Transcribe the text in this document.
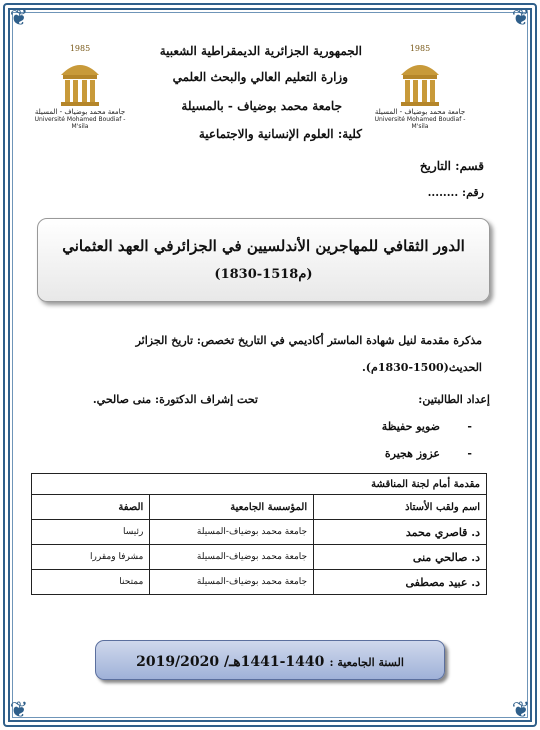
❦	❦
❦	❦
1985
جامعة محمد بوضياف - المسيلة
Université Mohamed Boudiaf - M'sila
1985
جامعة محمد بوضياف - المسيلة
Université Mohamed Boudiaf - M'sila
الجمهورية الجزائرية الديمقراطية الشعبية
وزارة التعليم العالي والبحث العلمي
جامعة محمد بوضياف - بالمسيلة
كلية: العلوم الإنسانية والاجتماعية
قسم: التاريخ
رقم: ........
الدور الثقافي للمهاجرين الأندلسيين في الجزائرفي العهد العثماني
(1830-1518م)
مذكرة مقدمة لنيل شهادة الماستر أكاديمي في التاريخ تخصص: تاريخ الجزائر
الحديث(1500-1830م).
إعداد الطالبتين:
تحت إشراف الدكتورة: منى صالحي.
-
ضويو حفيظة
-
عزوز هجيرة
مقدمة أمام لجنة المناقشة		
اسم ولقب الأستاذ	المؤسسة الجامعية	الصفة
د. قاصري محمد	جامعة محمد بوضياف-المسيلة	رئيسا
د. صالحي منى	جامعة محمد بوضياف-المسيلة	مشرفا ومقررا
د. عبيد مصطفى	جامعة محمد بوضياف-المسيلة	ممتحنا
السنة الجامعية : 1440-1441هـ/ 2019/2020
